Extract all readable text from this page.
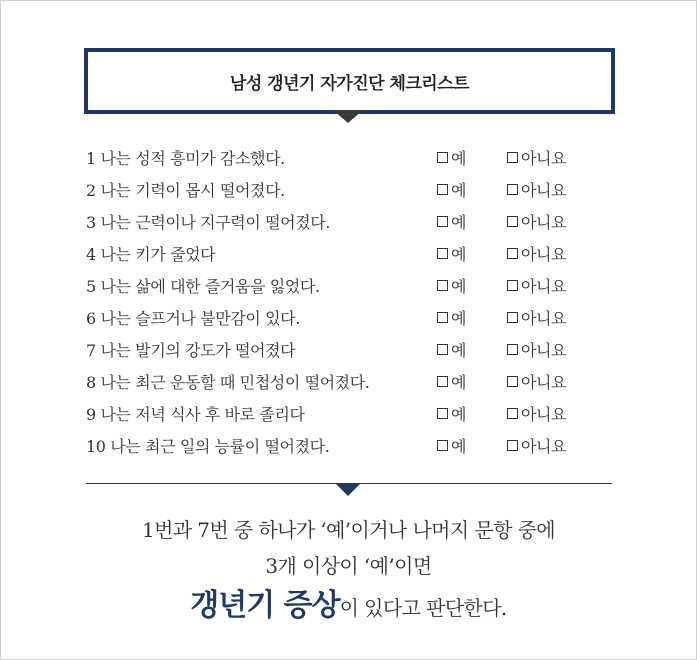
남성 갱년기 자가진단 체크리스트
1 나는 성적 흥미가 감소했다.	예	아니요
2 나는 기력이 몹시 떨어졌다.	예	아니요
3 나는 근력이나 지구력이 떨어졌다.	예	아니요
4 나는 키가 줄었다	예	아니요
5 나는 삶에 대한 즐거움을 잃었다.	예	아니요
6 나는 슬프거나 불만감이 있다.	예	아니요
7 나는 발기의 강도가 떨어졌다	예	아니요
8 나는 최근 운동할 때 민첩성이 떨어졌다.	예	아니요
9 나는 저녁 식사 후 바로 졸리다	예	아니요
10 나는 최근 일의 능률이 떨어졌다.	예	아니요
1번과 7번 중 하나가 ‘예’이거나 나머지 문항 중에
3개 이상이 ‘예’이면
갱년기 증상이 있다고 판단한다.
